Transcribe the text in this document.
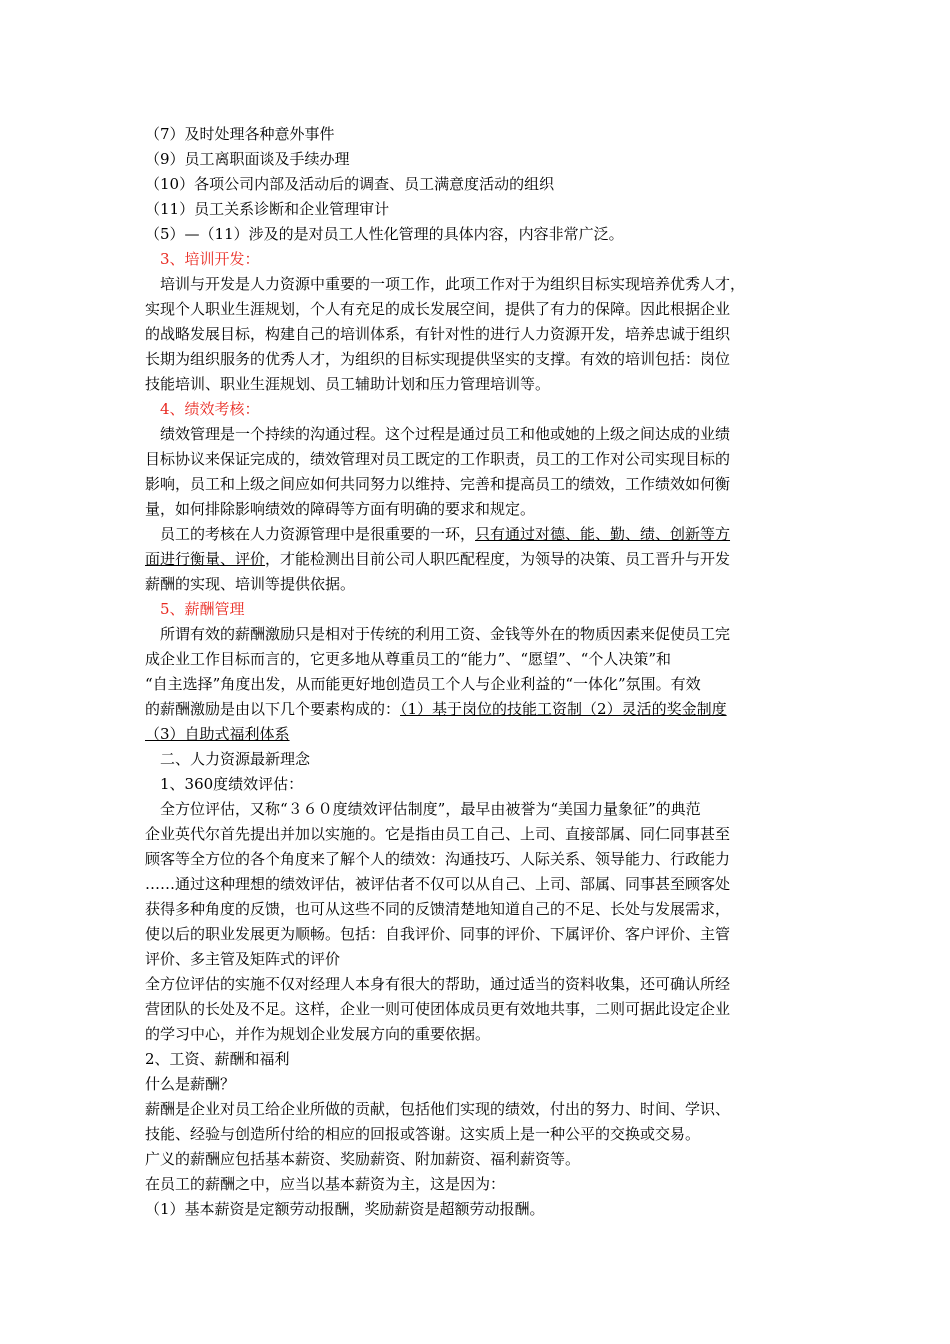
（7）及时处理各种意外事件
（9）员工离职面谈及手续办理
（10）各项公司内部及活动后的调查、员工满意度活动的组织
（11）员工关系诊断和企业管理审计
（5）—（11）涉及的是对员工人性化管理的具体内容，内容非常广泛。
3、培训开发：
培训与开发是人力资源中重要的一项工作，此项工作对于为组织目标实现培养优秀人才，
实现个人职业生涯规划，个人有充足的成长发展空间，提供了有力的保障。因此根据企业
的战略发展目标，构建自己的培训体系，有针对性的进行人力资源开发，培养忠诚于组织
长期为组织服务的优秀人才，为组织的目标实现提供坚实的支撑。有效的培训包括：岗位
技能培训、职业生涯规划、员工辅助计划和压力管理培训等。
4、绩效考核：
绩效管理是一个持续的沟通过程。这个过程是通过员工和他或她的上级之间达成的业绩
目标协议来保证完成的，绩效管理对员工既定的工作职责，员工的工作对公司实现目标的
影响，员工和上级之间应如何共同努力以维持、完善和提高员工的绩效，工作绩效如何衡
量，如何排除影响绩效的障碍等方面有明确的要求和规定。
员工的考核在人力资源管理中是很重要的一环，只有通过对德、能、勤、绩、创新等方
面进行衡量、评价，才能检测出目前公司人职匹配程度，为领导的决策、员工晋升与开发
薪酬的实现、培训等提供依据。
5、薪酬管理
所谓有效的薪酬激励只是相对于传统的利用工资、金钱等外在的物质因素来促使员工完
成企业工作目标而言的，它更多地从尊重员工的“能力”、“愿望”、“个人决策”和
“自主选择”角度出发，从而能更好地创造员工个人与企业利益的“一体化”氛围。有效
的薪酬激励是由以下几个要素构成的：（1）基于岗位的技能工资制（2）灵活的奖金制度
（3）自助式福利体系
二、人力资源最新理念
1、360度绩效评估：
全方位评估，又称“３６０度绩效评估制度”，最早由被誉为“美国力量象征”的典范
企业英代尔首先提出并加以实施的。它是指由员工自己、上司、直接部属、同仁同事甚至
顾客等全方位的各个角度来了解个人的绩效：沟通技巧、人际关系、领导能力、行政能力
……通过这种理想的绩效评估，被评估者不仅可以从自己、上司、部属、同事甚至顾客处
获得多种角度的反馈，也可从这些不同的反馈清楚地知道自己的不足、长处与发展需求，
使以后的职业发展更为顺畅。包括：自我评价、同事的评价、下属评价、客户评价、主管
评价、多主管及矩阵式的评价
全方位评估的实施不仅对经理人本身有很大的帮助，通过适当的资料收集，还可确认所经
营团队的长处及不足。这样，企业一则可使团体成员更有效地共事，二则可据此设定企业
的学习中心，并作为规划企业发展方向的重要依据。
2、工资、薪酬和福利
什么是薪酬？
薪酬是企业对员工给企业所做的贡献，包括他们实现的绩效，付出的努力、时间、学识、
技能、经验与创造所付给的相应的回报或答谢。这实质上是一种公平的交换或交易。
广义的薪酬应包括基本薪资、奖励薪资、附加薪资、福利薪资等。
在员工的薪酬之中，应当以基本薪资为主，这是因为：
（1）基本薪资是定额劳动报酬，奖励薪资是超额劳动报酬。
